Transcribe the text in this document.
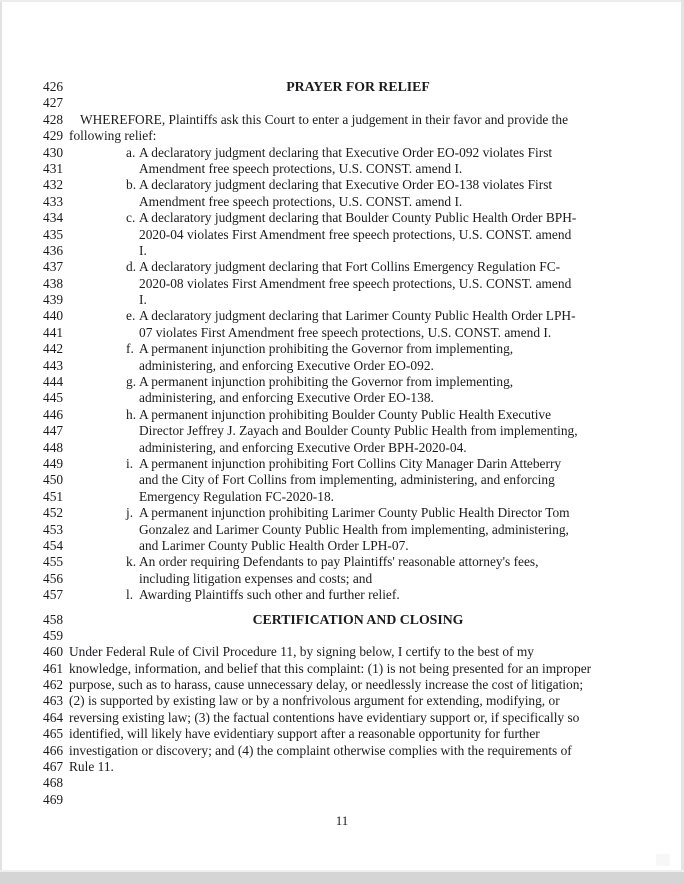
426	PRAYER FOR RELIEF
427
428 WHEREFORE, Plaintiffs ask this Court to enter a judgement in their favor and provide the
429 following relief:
430	a. A declaratory judgment declaring that Executive Order EO-092 violates First
431	Amendment free speech protections, U.S. CONST. amend I.
432	b. A declaratory judgment declaring that Executive Order EO-138 violates First
433	Amendment free speech protections, U.S. CONST. amend I.
434	c. A declaratory judgment declaring that Boulder County Public Health Order BPH-
435	2020-04 violates First Amendment free speech protections, U.S. CONST. amend
436	I.
437	d. A declaratory judgment declaring that Fort Collins Emergency Regulation FC-
438	2020-08 violates First Amendment free speech protections, U.S. CONST. amend
439	I.
440	e. A declaratory judgment declaring that Larimer County Public Health Order LPH-
441	07 violates First Amendment free speech protections, U.S. CONST. amend I.
442	f. A permanent injunction prohibiting the Governor from implementing,
443	administering, and enforcing Executive Order EO-092.
444	g. A permanent injunction prohibiting the Governor from implementing,
445	administering, and enforcing Executive Order EO-138.
446	h. A permanent injunction prohibiting Boulder County Public Health Executive
447	Director Jeffrey J. Zayach and Boulder County Public Health from implementing,
448	administering, and enforcing Executive Order BPH-2020-04.
449	i. A permanent injunction prohibiting Fort Collins City Manager Darin Atteberry
450	and the City of Fort Collins from implementing, administering, and enforcing
451	Emergency Regulation FC-2020-18.
452	j. A permanent injunction prohibiting Larimer County Public Health Director Tom
453	Gonzalez and Larimer County Public Health from implementing, administering,
454	and Larimer County Public Health Order LPH-07.
455	k. An order requiring Defendants to pay Plaintiffs' reasonable attorney's fees,
456	including litigation expenses and costs; and
457	l. Awarding Plaintiffs such other and further relief.
458	CERTIFICATION AND CLOSING
459
460 Under Federal Rule of Civil Procedure 11, by signing below, I certify to the best of my
461 knowledge, information, and belief that this complaint: (1) is not being presented for an improper
462 purpose, such as to harass, cause unnecessary delay, or needlessly increase the cost of litigation;
463 (2) is supported by existing law or by a nonfrivolous argument for extending, modifying, or
464 reversing existing law; (3) the factual contentions have evidentiary support or, if specifically so
465 identified, will likely have evidentiary support after a reasonable opportunity for further
466 investigation or discovery; and (4) the complaint otherwise complies with the requirements of
467 Rule 11.
468
469
11
